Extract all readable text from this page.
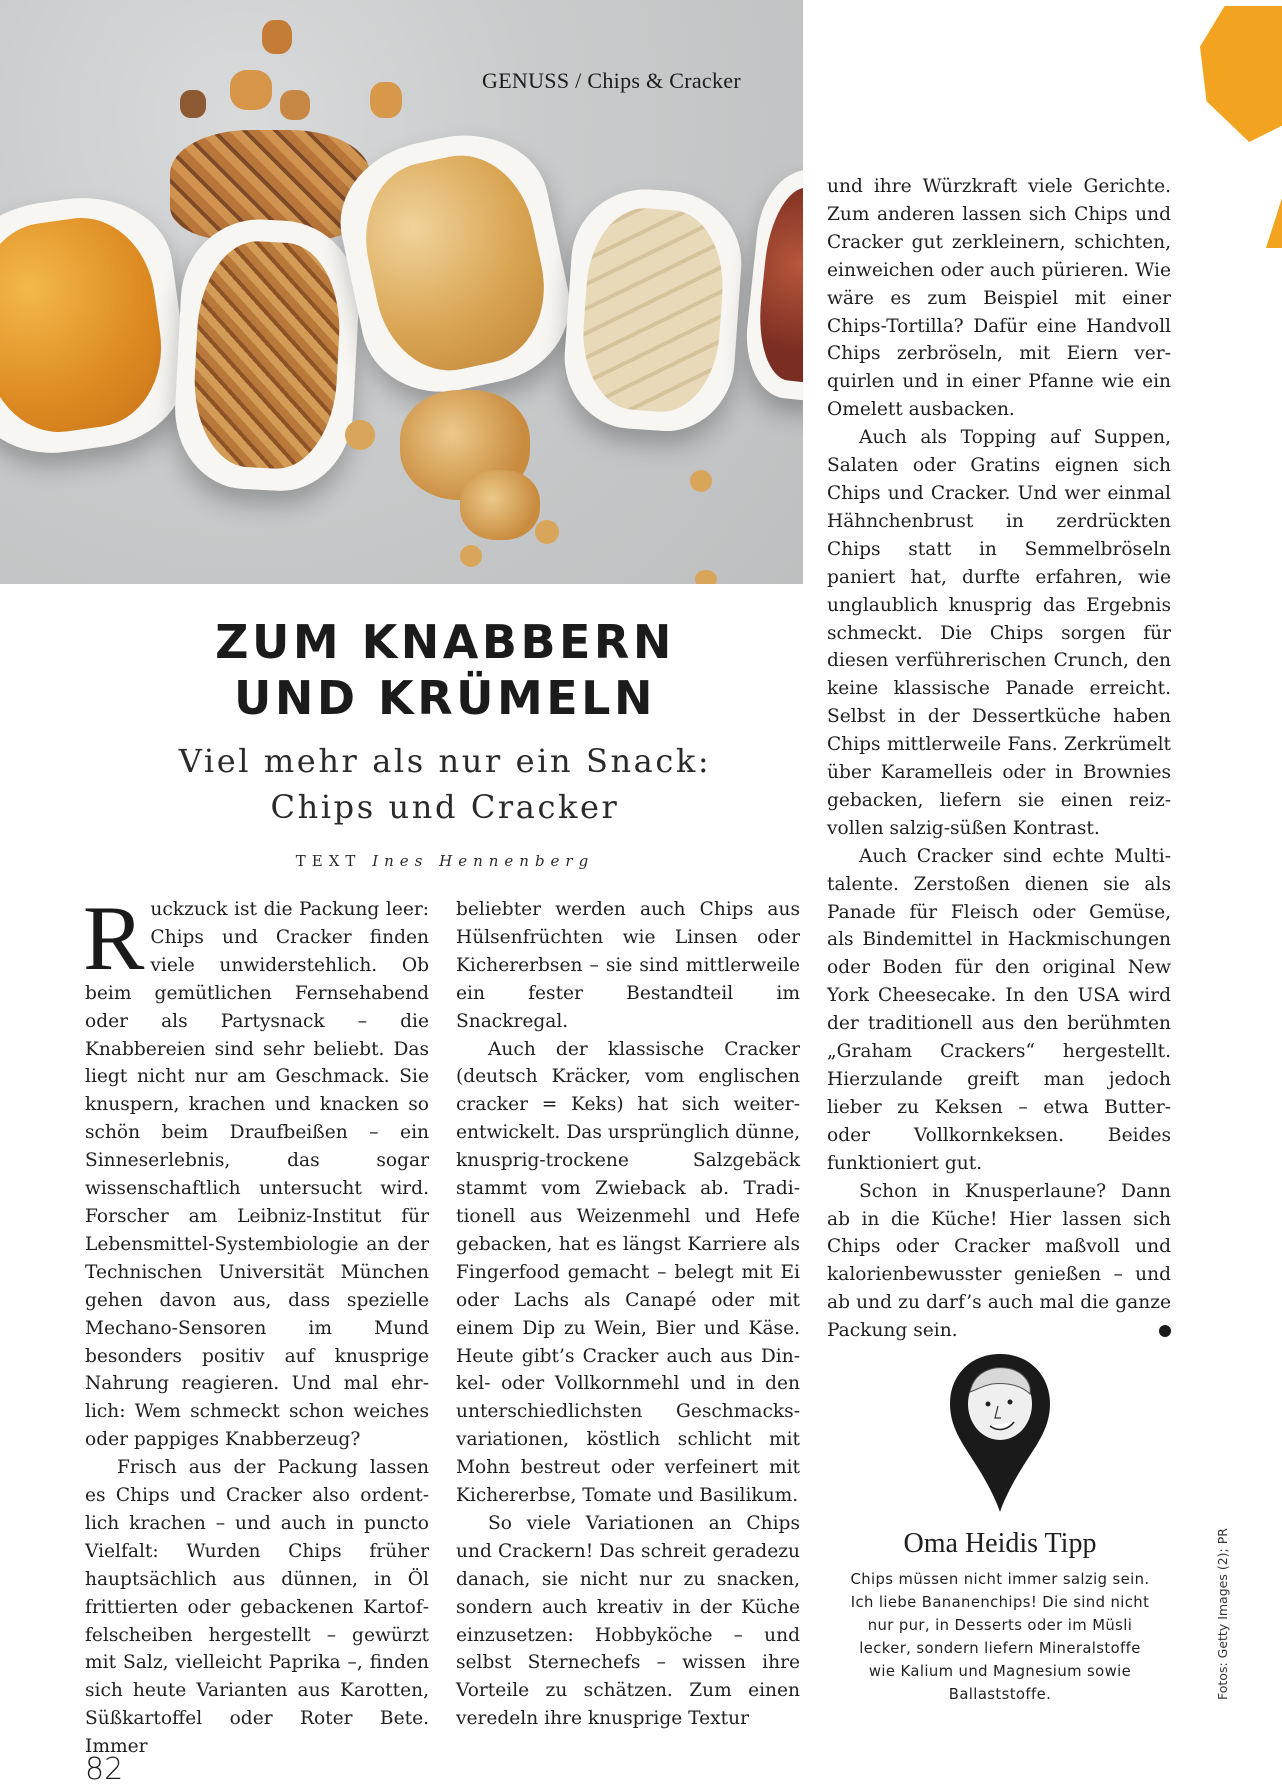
GENUSS / Chips & Cracker
ZUM KNABBERN
UND KRÜMELN
Viel mehr als nur ein Snack:
Chips und Cracker
TEXT Ines Hennenberg

Ruckzuck ist die Packung leer: Chips und Cracker finden viele unwiderstehlich. Ob beim gemütlichen Fernsehabend oder als Partysnack – die Knabbereien sind sehr beliebt. Das liegt nicht nur am Geschmack. Sie knuspern, krachen und knacken so schön beim Draufbeißen – ein Sinneserlebnis, das sogar wissenschaftlich untersucht wird. Forscher am Leibniz-Institut für Lebensmittel-Systembiologie an der Technischen Universität München gehen davon aus, dass spezielle Mechano-Sensoren im Mund besonders positiv auf knusprige Nahrung reagieren. Und mal ehrlich: Wem schmeckt schon weiches oder pappiges Knabberzeug?

Frisch aus der Packung lassen es Chips und Cracker also ordentlich krachen – und auch in puncto Vielfalt: Wurden Chips früher hauptsächlich aus dünnen, in Öl frittierten oder gebackenen Kartoffelscheiben hergestellt – gewürzt mit Salz, vielleicht Paprika –, finden sich heute Varianten aus Karotten, Süßkartoffel oder Roter Bete. Immer

beliebter werden auch Chips aus Hülsenfrüchten wie Linsen oder Kichererbsen – sie sind mittlerweile ein fester Bestandteil im Snackregal.

Auch der klassische Cracker (deutsch Kräcker, vom englischen cracker = Keks) hat sich weiterentwickelt. Das ursprünglich dünne, knusprig-trockene Salzgebäck stammt vom Zwieback ab. Traditionell aus Weizenmehl und Hefe gebacken, hat es längst Karriere als Fingerfood gemacht – belegt mit Ei oder Lachs als Canapé oder mit einem Dip zu Wein, Bier und Käse. Heute gibt’s Cracker auch aus Dinkel- oder Vollkornmehl und in den unterschiedlichsten Geschmacksvariationen, köstlich schlicht mit Mohn bestreut oder verfeinert mit Kichererbse, Tomate und Basilikum.

So viele Variationen an Chips und Crackern! Das schreit geradezu danach, sie nicht nur zu snacken, sondern auch kreativ in der Küche einzusetzen: Hobbyköche – und selbst Sternechefs – wissen ihre Vorteile zu schätzen. Zum einen veredeln ihre knusprige Textur

und ihre Würzkraft viele Gerichte. Zum anderen lassen sich Chips und Cracker gut zerkleinern, schichten, einweichen oder auch pürieren. Wie wäre es zum Beispiel mit einer Chips-Tortilla? Dafür eine Handvoll Chips zerbröseln, mit Eiern verquirlen und in einer Pfanne wie ein Omelett ausbacken.

Auch als Topping auf Suppen, Salaten oder Gratins eignen sich Chips und Cracker. Und wer einmal Hähnchenbrust in zerdrückten Chips statt in Semmelbröseln paniert hat, durfte erfahren, wie unglaublich knusprig das Ergebnis schmeckt. Die Chips sorgen für diesen verführerischen Crunch, den keine klassische Panade erreicht. Selbst in der Dessertküche haben Chips mittlerweile Fans. Zerkrümelt über Karamelleis oder in Brownies gebacken, liefern sie einen reizvollen salzig-süßen Kontrast.

Auch Cracker sind echte Multitalente. Zerstoßen dienen sie als Panade für Fleisch oder Gemüse, als Bindemittel in Hackmischungen oder Boden für den original New York Cheesecake. In den USA wird der traditionell aus den berühmten „Graham Crackers“ hergestellt. Hierzulande greift man jedoch lieber zu Keksen – etwa Butter- oder Vollkornkeksen. Beides funktioniert gut.

Schon in Knusperlaune? Dann ab in die Küche! Hier lassen sich Chips oder Cracker maßvoll und kalorienbewusster genießen – und ab und zu darf’s auch mal die ganze Packung sein.

Oma Heidis Tipp
Chips müssen nicht immer salzig sein. Ich liebe Bananenchips! Die sind nicht nur pur, in Desserts oder im Müsli lecker, sondern liefern Mineralstoffe wie Kalium und Magnesium sowie Ballaststoffe.	Fotos: Getty Images (2); PR
82
